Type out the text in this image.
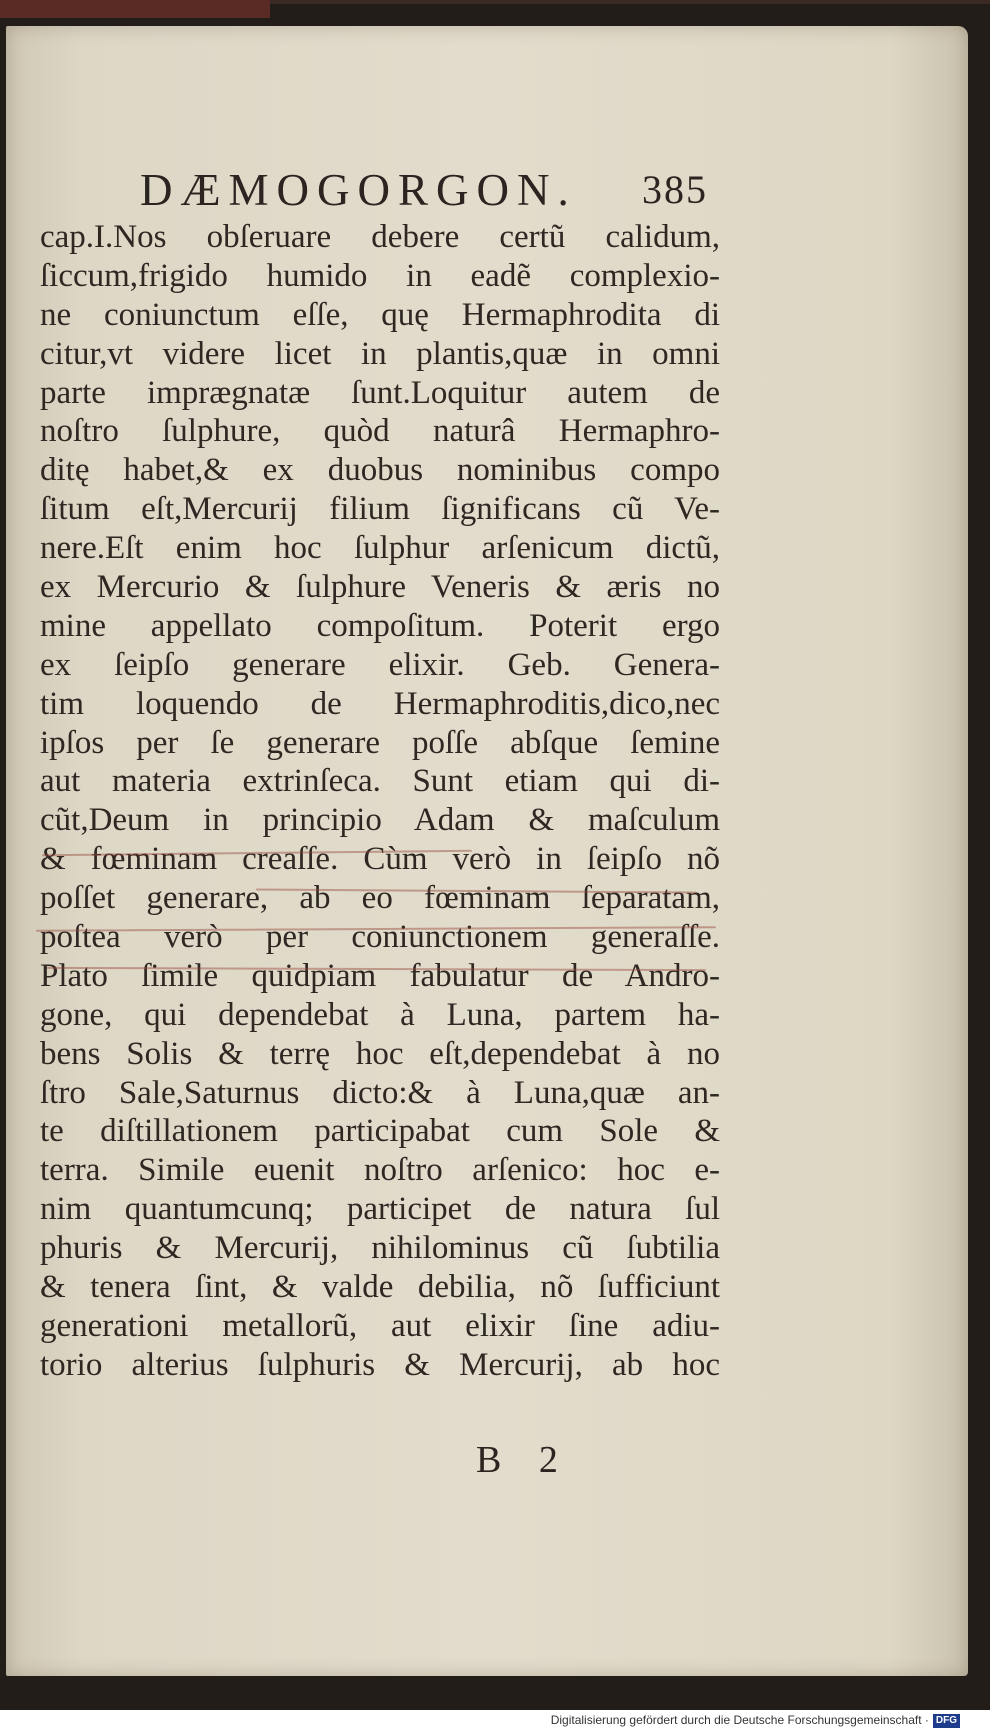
DÆMOGORGON.	385
cap.I.Nos obſeruare debere certũ calidum,
ſiccum,frigido humido in eadẽ complexio-
ne coniunctum eſſe, quę Hermaphrodita di
citur,vt videre licet in plantis,quæ in omni
parte imprægnatæ ſunt.Loquitur autem de
noſtro ſulphure, quòd naturâ Hermaphro-
ditę habet,& ex duobus nominibus compo
ſitum eſt,Mercurij filium ſignificans cũ Ve-
nere.Eſt enim hoc ſulphur arſenicum dictũ,
ex Mercurio & ſulphure Veneris & æris no
mine appellato compoſitum. Poterit ergo
ex ſeipſo generare elixir. Geb. Genera-
tim loquendo de Hermaphroditis,dico,nec
ipſos per ſe generare poſſe abſque ſemine
aut materia extrinſeca. Sunt etiam qui di-
cũt,Deum in principio Adam & maſculum
& fœminam creaſſe. Cùm verò in ſeipſo nõ
poſſet generare, ab eo fœminam ſeparatam,
poſtea verò per coniunctionem generaſſe.
Plato ſimile quidpiam fabulatur de Andro-
gone, qui dependebat à Luna, partem ha-
bens Solis & terrę hoc eſt,dependebat à no
ſtro Sale,Saturnus dicto:& à Luna,quæ an-
te diſtillationem participabat cum Sole &
terra. Simile euenit noſtro arſenico: hoc e-
nim quantumcunq; participet de natura ſul
phuris & Mercurij, nihilominus cũ ſubtilia
& tenera ſint, & valde debilia, nõ ſufficiunt
generationi metallorũ, aut elixir ſine adiu-
torio alterius ſulphuris & Mercurij, ab hoc
B 2
Digitalisierung gefördert durch die Deutsche Forschungsgemeinschaft · DFG
